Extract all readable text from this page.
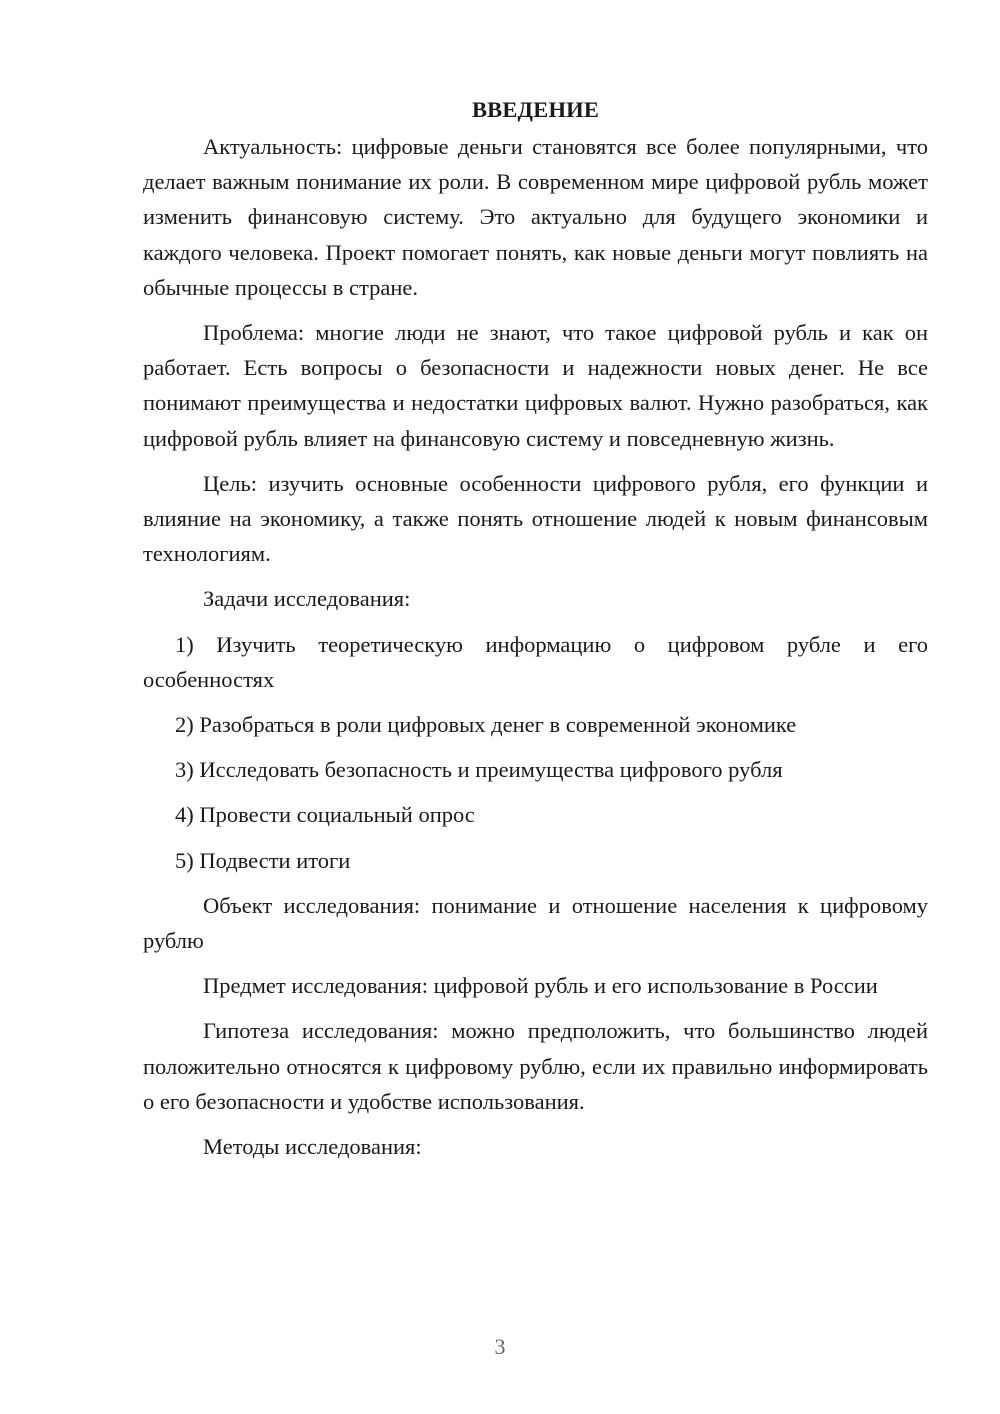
ВВЕДЕНИЕ

Актуальность: цифровые деньги становятся все более популярными, что делает важным понимание их роли. В современном мире цифровой рубль может изменить финансовую систему. Это актуально для будущего экономики и каждого человека. Проект помогает понять, как новые деньги могут повлиять на обычные процессы в стране.

Проблема: многие люди не знают, что такое цифровой рубль и как он работает. Есть вопросы о безопасности и надежности новых денег. Не все понимают преимущества и недостатки цифровых валют. Нужно разобраться, как цифровой рубль влияет на финансовую систему и повседневную жизнь.

Цель: изучить основные особенности цифрового рубля, его функции и влияние на экономику, а также понять отношение людей к новым финансовым технологиям.

Задачи исследования:

1) Изучить теоретическую информацию о цифровом рубле и его особенностях

2) Разобраться в роли цифровых денег в современной экономике

3) Исследовать безопасность и преимущества цифрового рубля

4) Провести социальный опрос

5) Подвести итоги

Объект исследования: понимание и отношение населения к цифровому рублю

Предмет исследования: цифровой рубль и его использование в России

Гипотеза исследования: можно предположить, что большинство людей положительно относятся к цифровому рублю, если их правильно информировать о его безопасности и удобстве использования.

Методы исследования:

3
